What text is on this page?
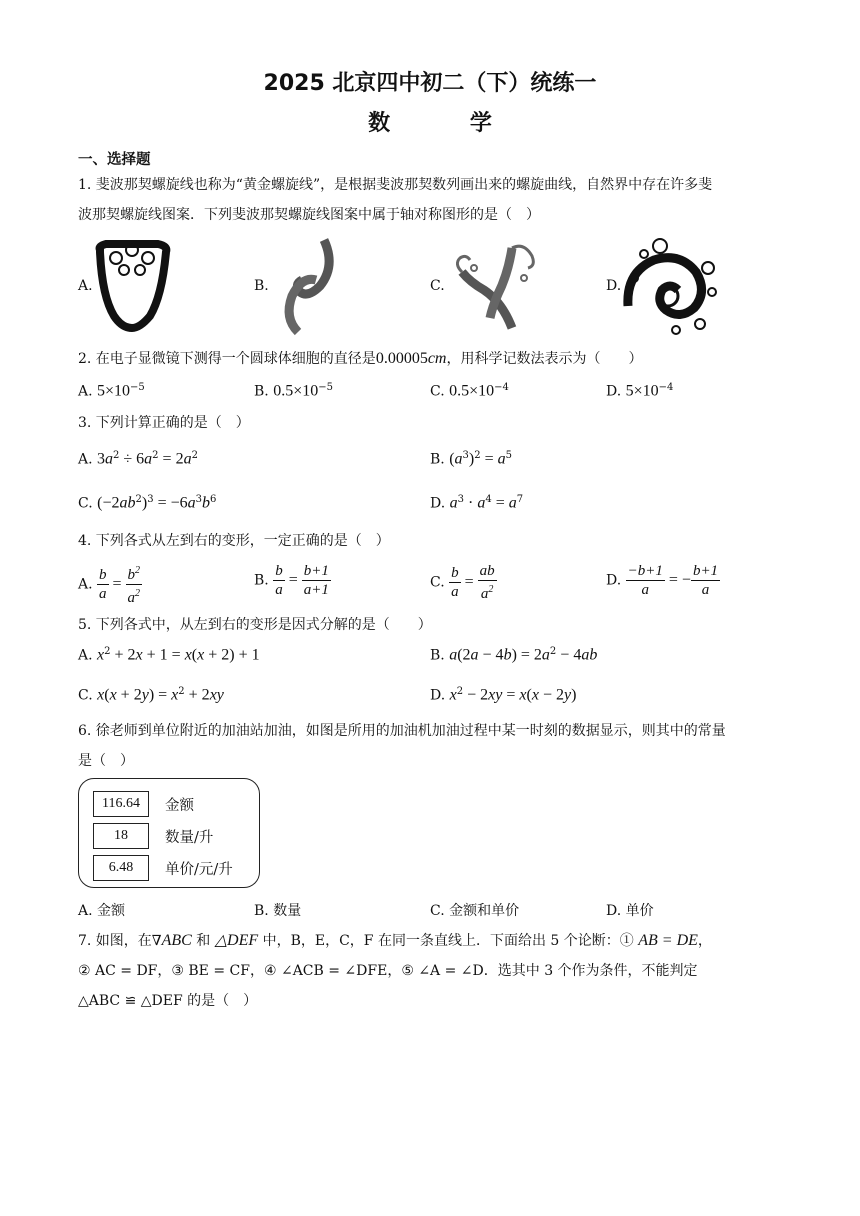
2025 北京四中初二（下）统练一
数 学
一、选择题
1. 斐波那契螺旋线也称为“黄金螺旋线”，是根据斐波那契数列画出来的螺旋曲线，自然界中存在许多斐
波那契螺旋线图案．下列斐波那契螺旋线图案中属于轴对称图形的是（　）
A.	B.	C.	D.
2. 在电子显微镜下测得一个圆球体细胞的直径是0.00005cm，用科学记数法表示为（　　）
A. $5\times 10^{-5}$	B. $0.5\times 10^{-5}$	C. $0.5\times 10^{-4}$	D. $5\times 10^{-4}$
3. 下列计算正确的是（　）
A. $3a^2 \div 6a^2 = 2a^2$	B. $(a^3)^2 = a^5$
C. $(-2ab^2)^3 = -6a^3b^6$	D. $a^3 \cdot a^4 = a^7$
4. 下列各式从左到右的变形，一定正确的是（　）
A. $\frac{b}{a} = \frac{b^2}{a^2}$	B. $\frac{b}{a} = \frac{b+1}{a+1}$	C. $\frac{b}{a} = \frac{ab}{a^2}$	D. $\frac{-b+1}{a}$ = − $\frac{b+1}{a}$
5. 下列各式中，从左到右的变形是因式分解的是（　　）
A. $x^2 + 2x + 1 = x(x + 2) + 1$	B. $a(2a - 4b) = 2a^2 - 4ab$
C. $x(x + 2y) = x^2 + 2xy$	D. $x^2 - 2xy = x(x - 2y)$
6. 徐老师到单位附近的加油站加油，如图是所用的加油机加油过程中某一时刻的数据显示，则其中的常量
是（　）
116.64	金额
18	数量/升
6.48	单价/元/升
A. 金额	B. 数量	C. 金额和单价	D. 单价
7. 如图，在∇ABC 和 △DEF 中，B，E，C，F 在同一条直线上．下面给出 5 个论断：① AB = DE，
② AC = DF，③ BE = CF，④ ∠ACB = ∠DFE，⑤ ∠A = ∠D．选其中 3 个作为条件，不能判定
△ABC ≌ △DEF 的是（　）
